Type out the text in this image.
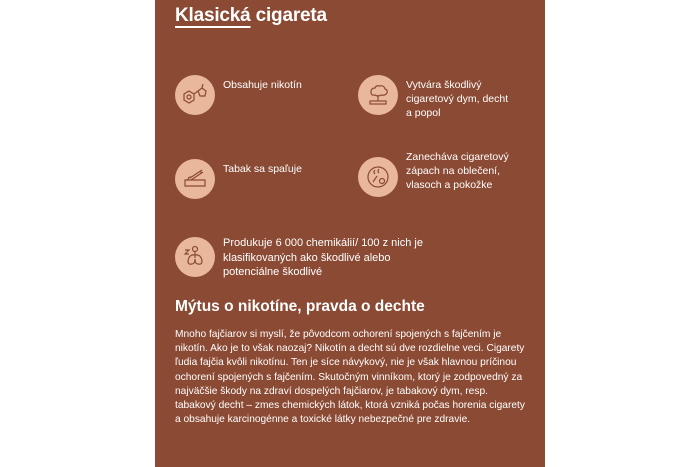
Klasická cigareta
Obsahuje nikotín	Vytvára škodlivý cigaretový dym, decht a popol
Tabak sa spaľuje
Zanecháva cigaretový zápach na oblečení, vlasoch a pokožke
Produkuje 6 000 chemikálií/ 100 z nich je klasifikovaných ako škodlivé alebo potenciálne škodlivé
Mýtus o nikotíne, pravda o dechte
Mnoho fajčiarov si myslí, že pôvodcom ochorení spojených s fajčením je nikotín. Ako je to však naozaj? Nikotín a decht sú dve rozdielne veci. Cigarety ľudia fajčia kvôli nikotínu. Ten je síce návykový, nie je však hlavnou príčinou ochorení spojených s fajčením. Skutočným vinníkom, ktorý je zodpovedný za najväčšie škody na zdraví dospelých fajčiarov, je tabakový dym, resp. tabakový decht – zmes chemických látok, ktorá vzniká počas horenia cigarety a obsahuje karcinogénne a toxické látky nebezpečné pre zdravie.
